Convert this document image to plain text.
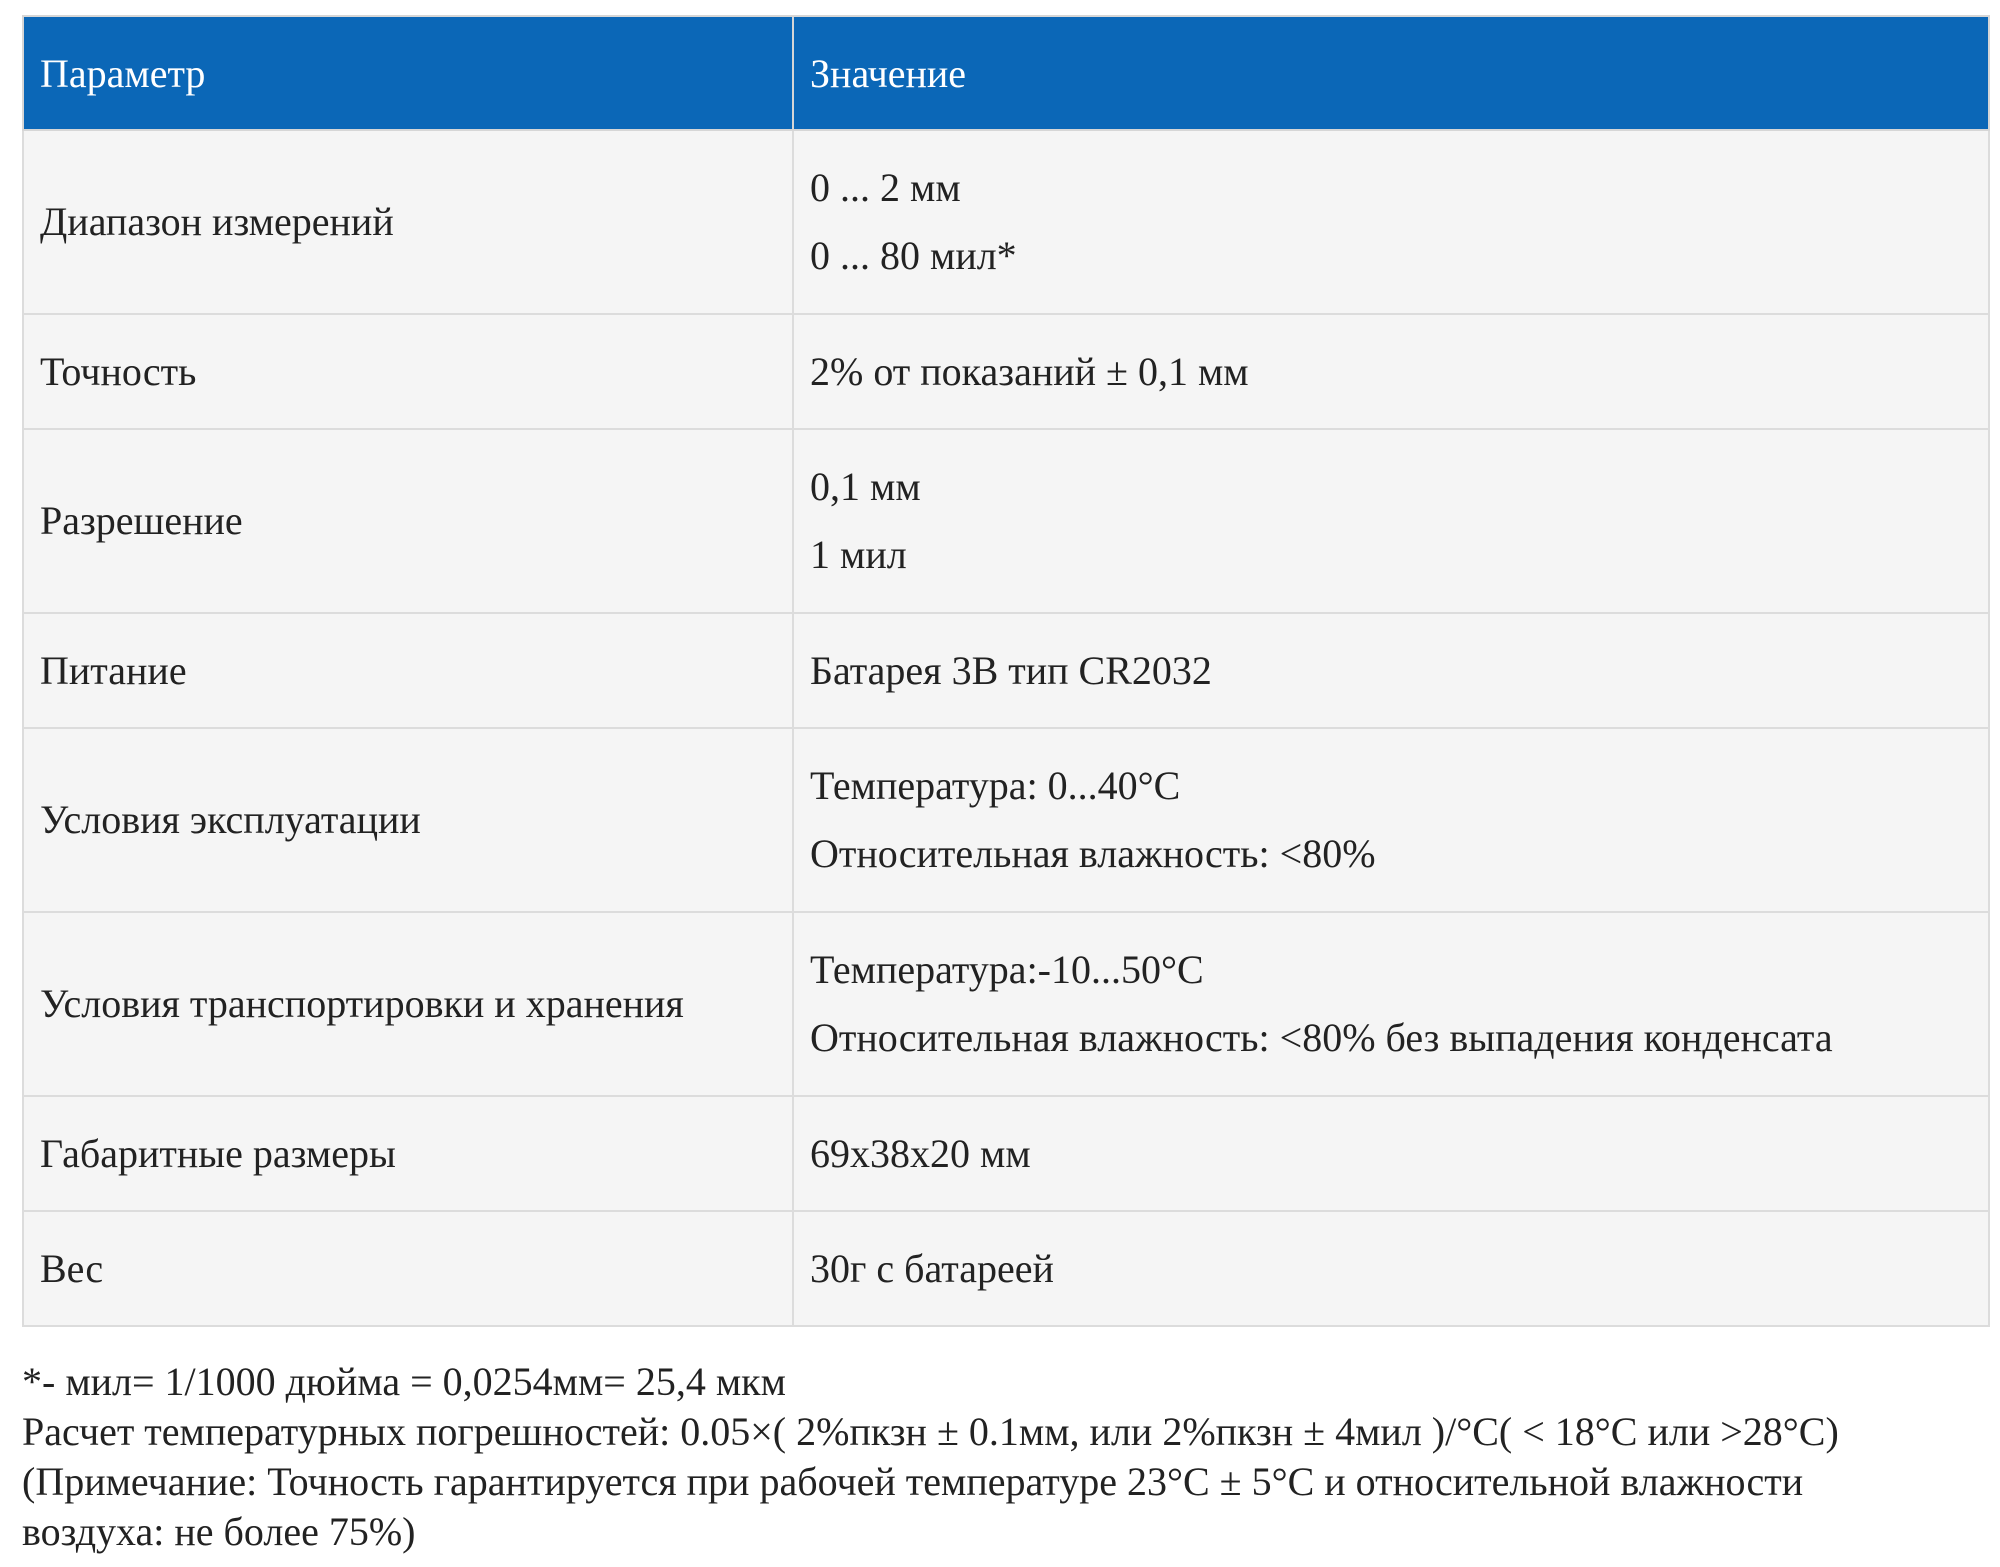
Параметр	Значение
Диапазон измерений	0 ... 2 мм
0 ... 80 мил*

Точность	2% от показаний ± 0,1 мм

Разрешение	0,1 мм
1 мил

Питание	Батарея 3В тип CR2032

Условия эксплуатации	Температура: 0...40°C
Относительная влажность: <80%

Условия транспортировки и хранения	Температура:-10...50°C
Относительная влажность: <80% без выпадения конденсата

Габаритные размеры	69x38x20 мм

Вес	30г с батареей
*- мил= 1/1000 дюйма = 0,0254мм= 25,4 мкм
Расчет температурных погрешностей: 0.05×( 2%пкзн ± 0.1мм, или 2%пкзн ± 4мил )/°C( < 18°C или >28°C)
(Примечание: Точность гарантируется при рабочей температуре 23°C ± 5°C и относительной влажности
воздуха: не более 75%)
